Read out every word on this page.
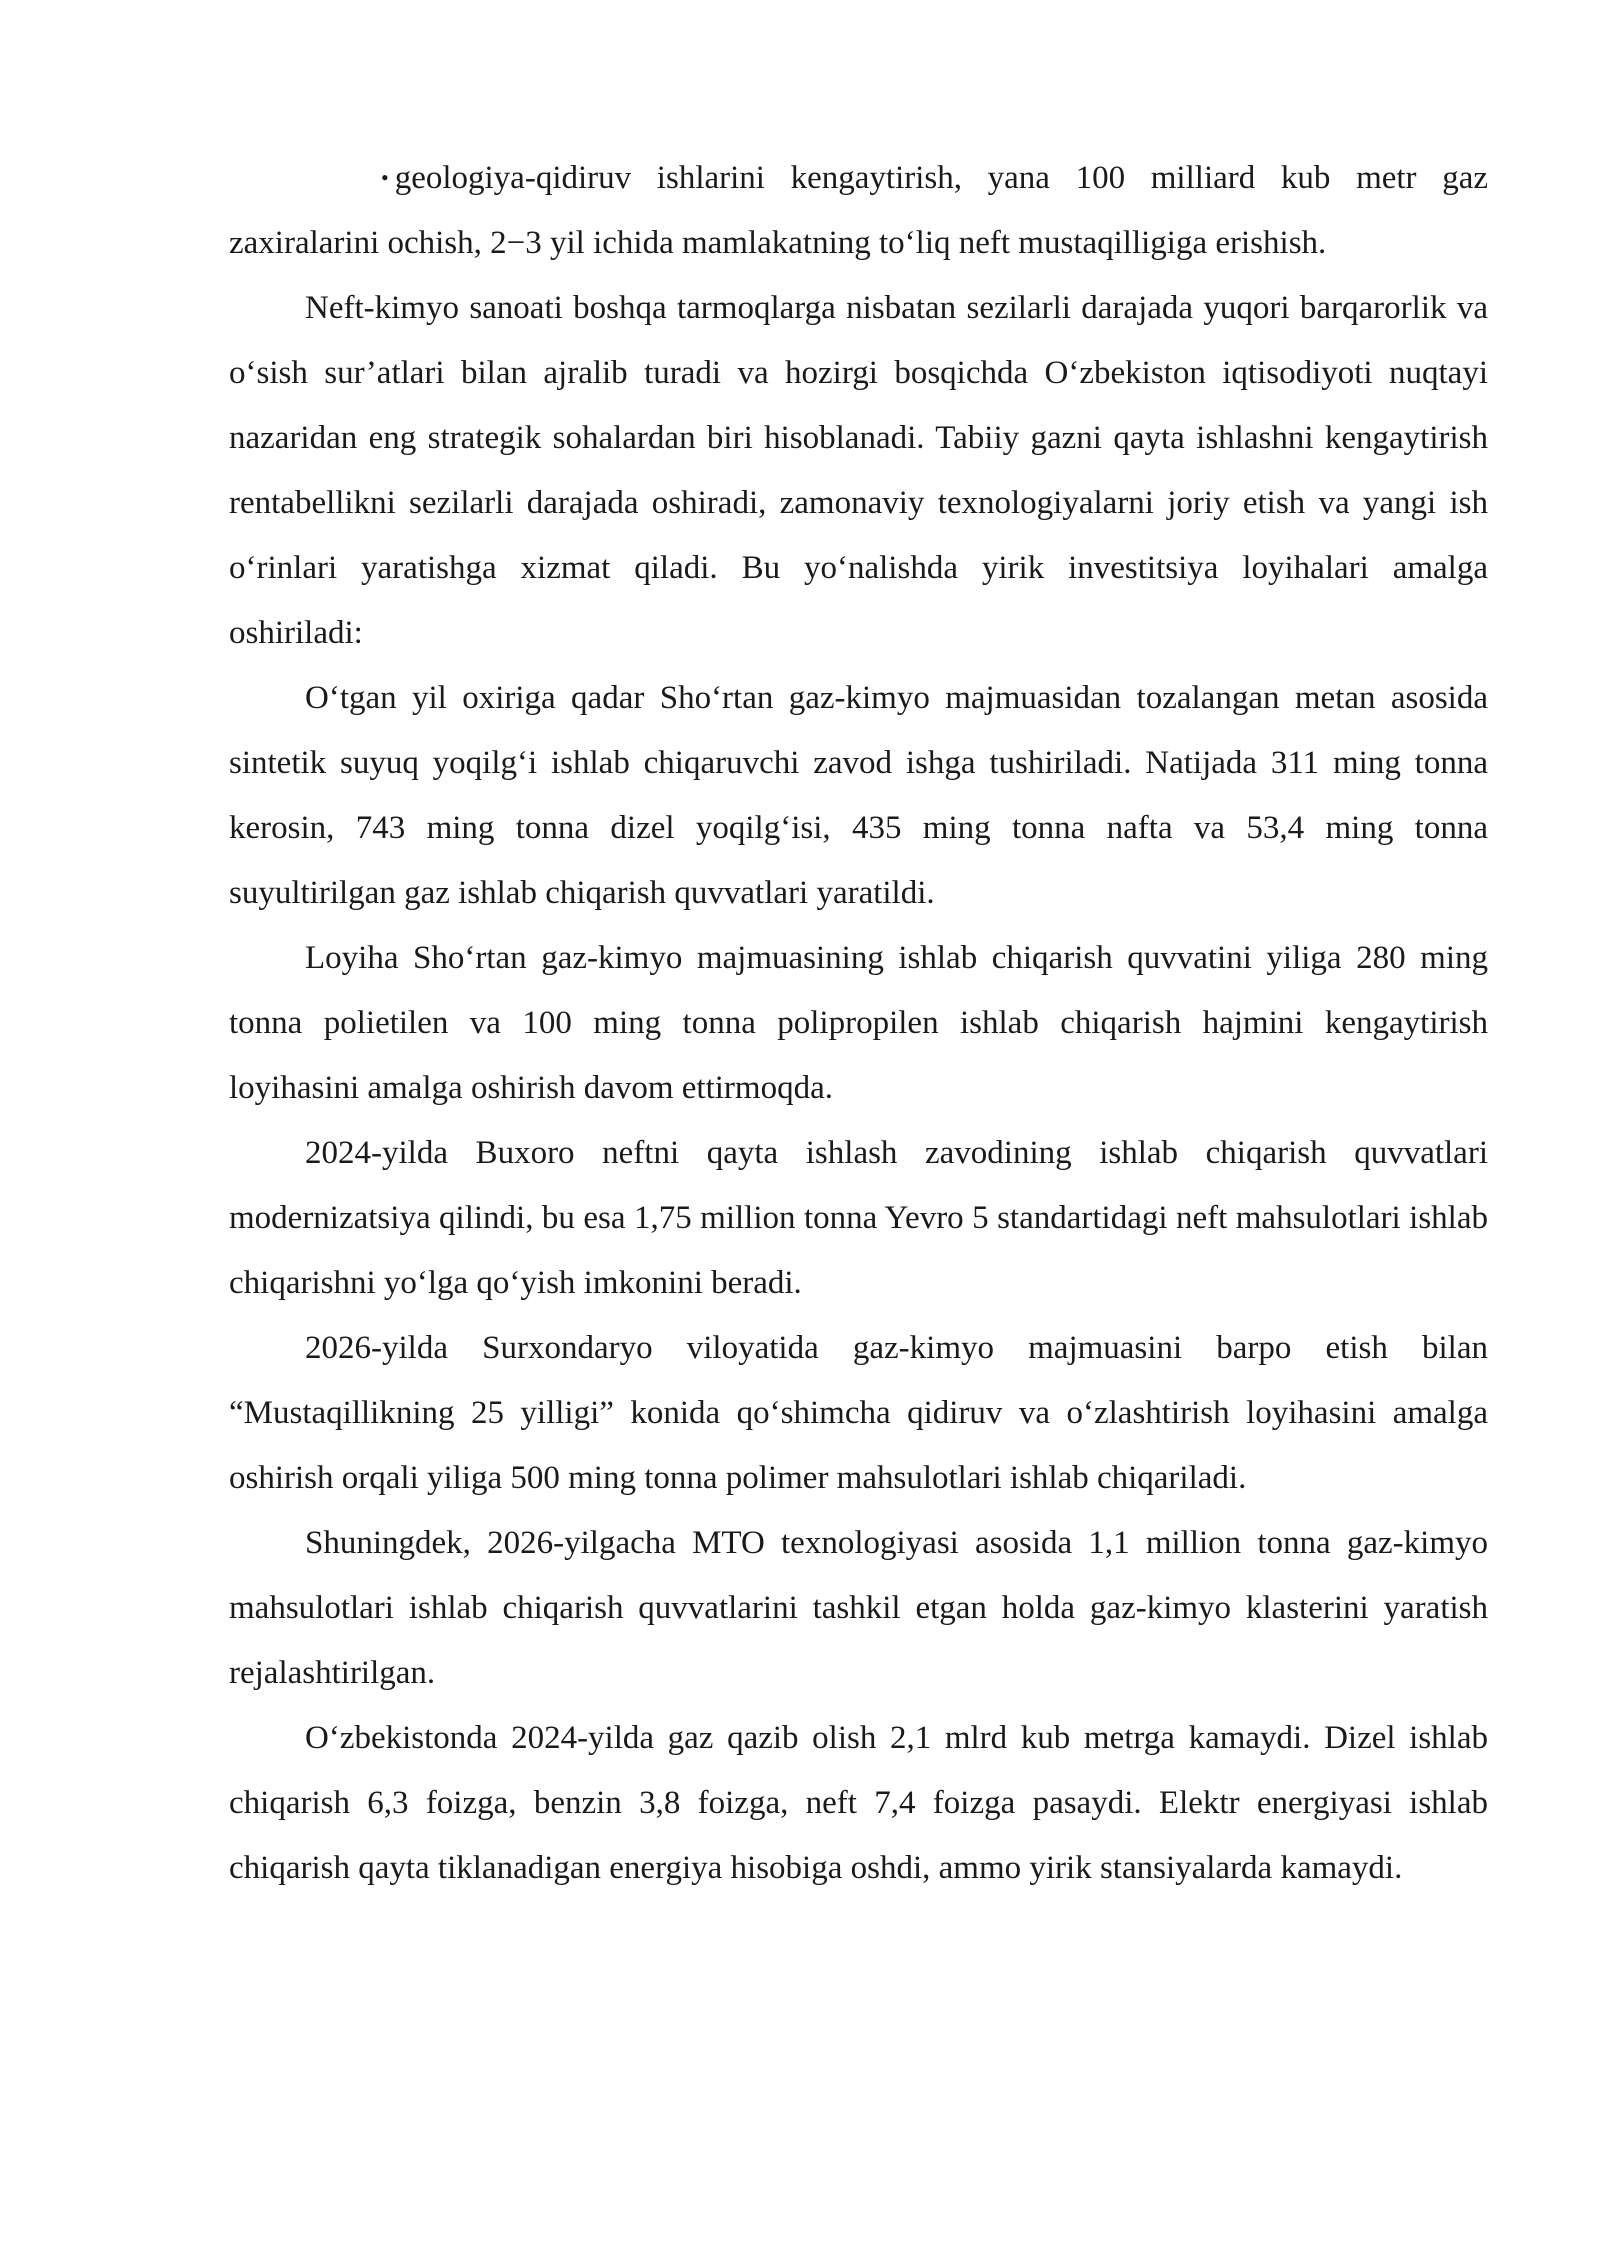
• geologiya-qidiruv ishlarini kengaytirish, yana 100 milliard kub metr gaz zaxiralarini ochish, 2−3 yil ichida mamlakatning to‘liq neft mustaqilligiga erishish.

Neft-kimyo sanoati boshqa tarmoqlarga nisbatan sezilarli darajada yuqori barqarorlik va o‘sish sur’atlari bilan ajralib turadi va hozirgi bosqichda O‘zbekiston iqtisodiyoti nuqtayi nazaridan eng strategik sohalardan biri hisoblanadi. Tabiiy gazni qayta ishlashni kengaytirish rentabellikni sezilarli darajada oshiradi, zamonaviy texnologiyalarni joriy etish va yangi ish o‘rinlari yaratishga xizmat qiladi. Bu yo‘nalishda yirik investitsiya loyihalari amalga oshiriladi:

O‘tgan yil oxiriga qadar Sho‘rtan gaz-kimyo majmuasidan tozalangan metan asosida sintetik suyuq yoqilg‘i ishlab chiqaruvchi zavod ishga tushiriladi. Natijada 311 ming tonna kerosin, 743 ming tonna dizel yoqilg‘isi, 435 ming tonna nafta va 53,4 ming tonna suyultirilgan gaz ishlab chiqarish quvvatlari yaratildi.

Loyiha Sho‘rtan gaz-kimyo majmuasining ishlab chiqarish quvvatini yiliga 280 ming tonna polietilen va 100 ming tonna polipropilen ishlab chiqarish hajmini kengaytirish loyihasini amalga oshirish davom ettirmoqda.

2024-yilda Buxoro neftni qayta ishlash zavodining ishlab chiqarish quvvatlari modernizatsiya qilindi, bu esa 1,75 million tonna Yevro 5 standartidagi neft mahsulotlari ishlab chiqarishni yo‘lga qo‘yish imkonini beradi.

2026-yilda Surxondaryo viloyatida gaz-kimyo majmuasini barpo etish bilan “Mustaqillikning 25 yilligi” konida qo‘shimcha qidiruv va o‘zlashtirish loyihasini amalga oshirish orqali yiliga 500 ming tonna polimer mahsulotlari ishlab chiqariladi.

Shuningdek, 2026-yilgacha MTO texnologiyasi asosida 1,1 million tonna gaz-kimyo mahsulotlari ishlab chiqarish quvvatlarini tashkil etgan holda gaz-kimyo klasterini yaratish rejalashtirilgan.

O‘zbekistonda 2024-yilda gaz qazib olish 2,1 mlrd kub metrga kamaydi. Dizel ishlab chiqarish 6,3 foizga, benzin 3,8 foizga, neft 7,4 foizga pasaydi. Elektr energiyasi ishlab chiqarish qayta tiklanadigan energiya hisobiga oshdi, ammo yirik stansiyalarda kamaydi.
